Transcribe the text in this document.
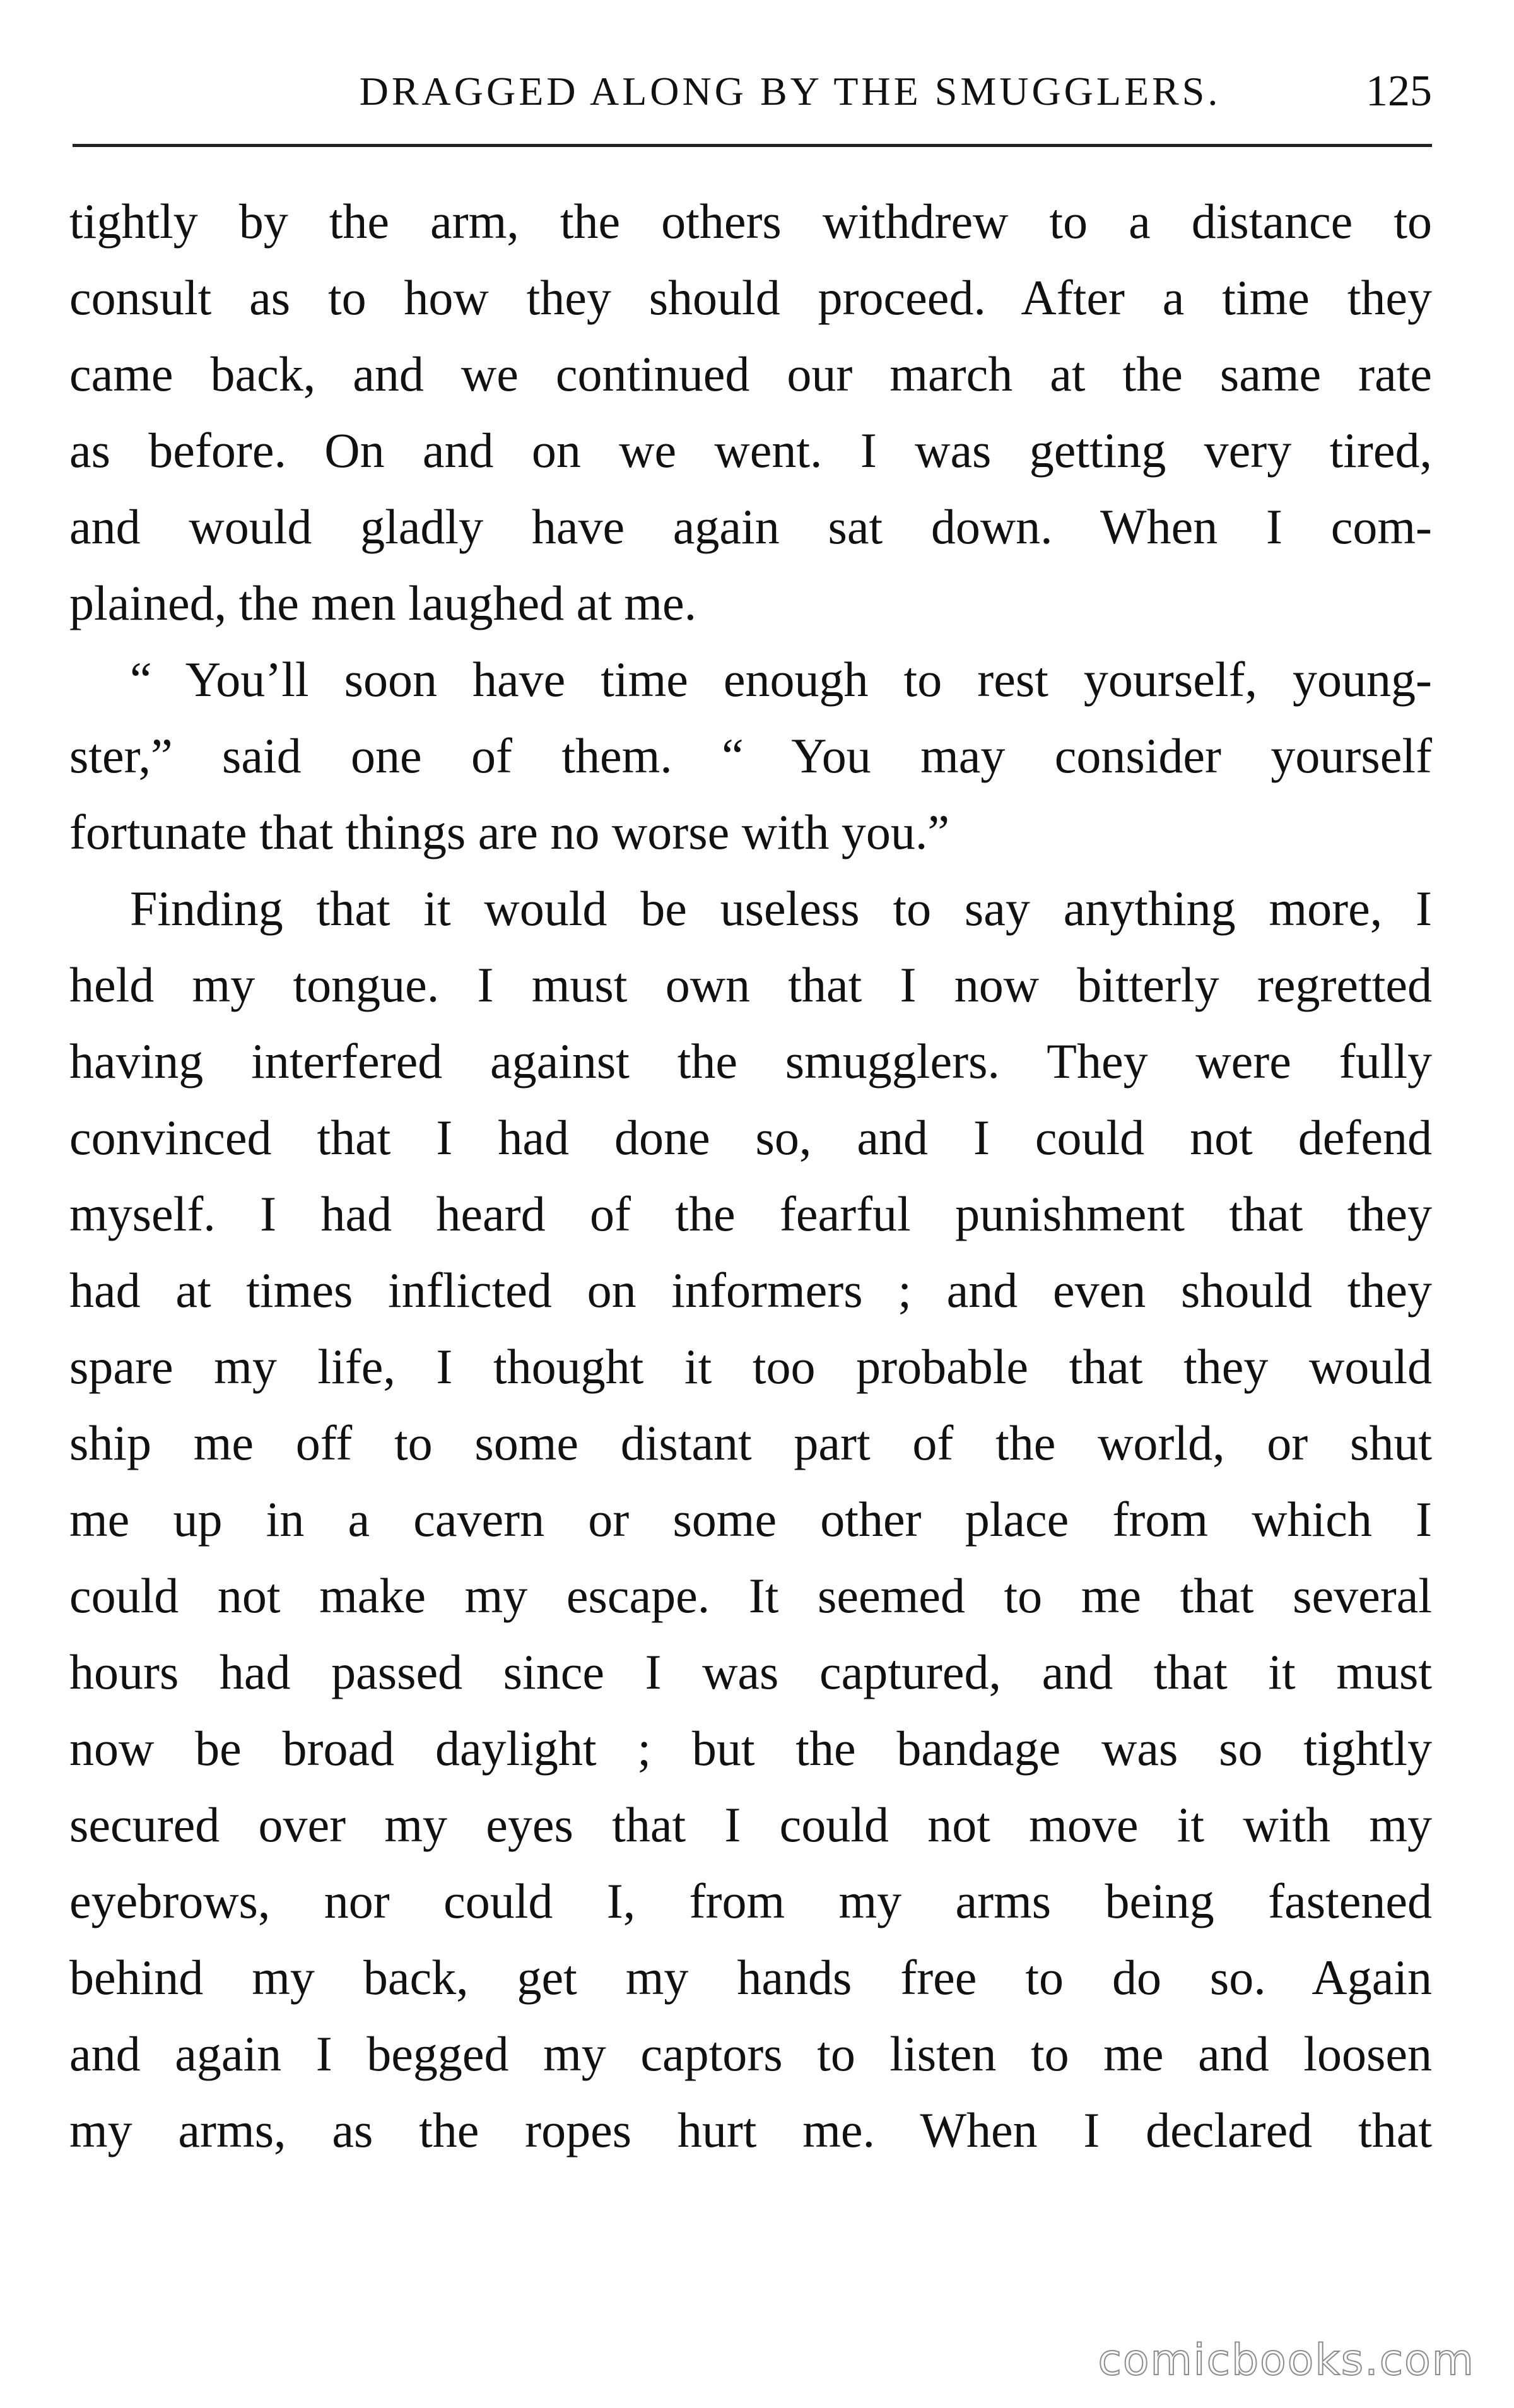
DRAGGED ALONG BY THE SMUGGLERS.	125
tightly by the arm, the others withdrew to a distance to
consult as to how they should proceed. After a time they
came back, and we continued our march at the same rate
as before. On and on we went. I was getting very tired,
and would gladly have again sat down. When I com-
plained, the men laughed at me.
“ You’ll soon have time enough to rest yourself, young-
ster,” said one of them. “ You may consider yourself
fortunate that things are no worse with you.”
Finding that it would be useless to say anything more, I
held my tongue. I must own that I now bitterly regretted
having interfered against the smugglers. They were fully
convinced that I had done so, and I could not defend
myself. I had heard of the fearful punishment that they
had at times inflicted on informers ; and even should they
spare my life, I thought it too probable that they would
ship me off to some distant part of the world, or shut
me up in a cavern or some other place from which I
could not make my escape. It seemed to me that several
hours had passed since I was captured, and that it must
now be broad daylight ; but the bandage was so tightly
secured over my eyes that I could not move it with my
eyebrows, nor could I, from my arms being fastened
behind my back, get my hands free to do so. Again
and again I begged my captors to listen to me and loosen
my arms, as the ropes hurt me. When I declared that
comicbooks.com
